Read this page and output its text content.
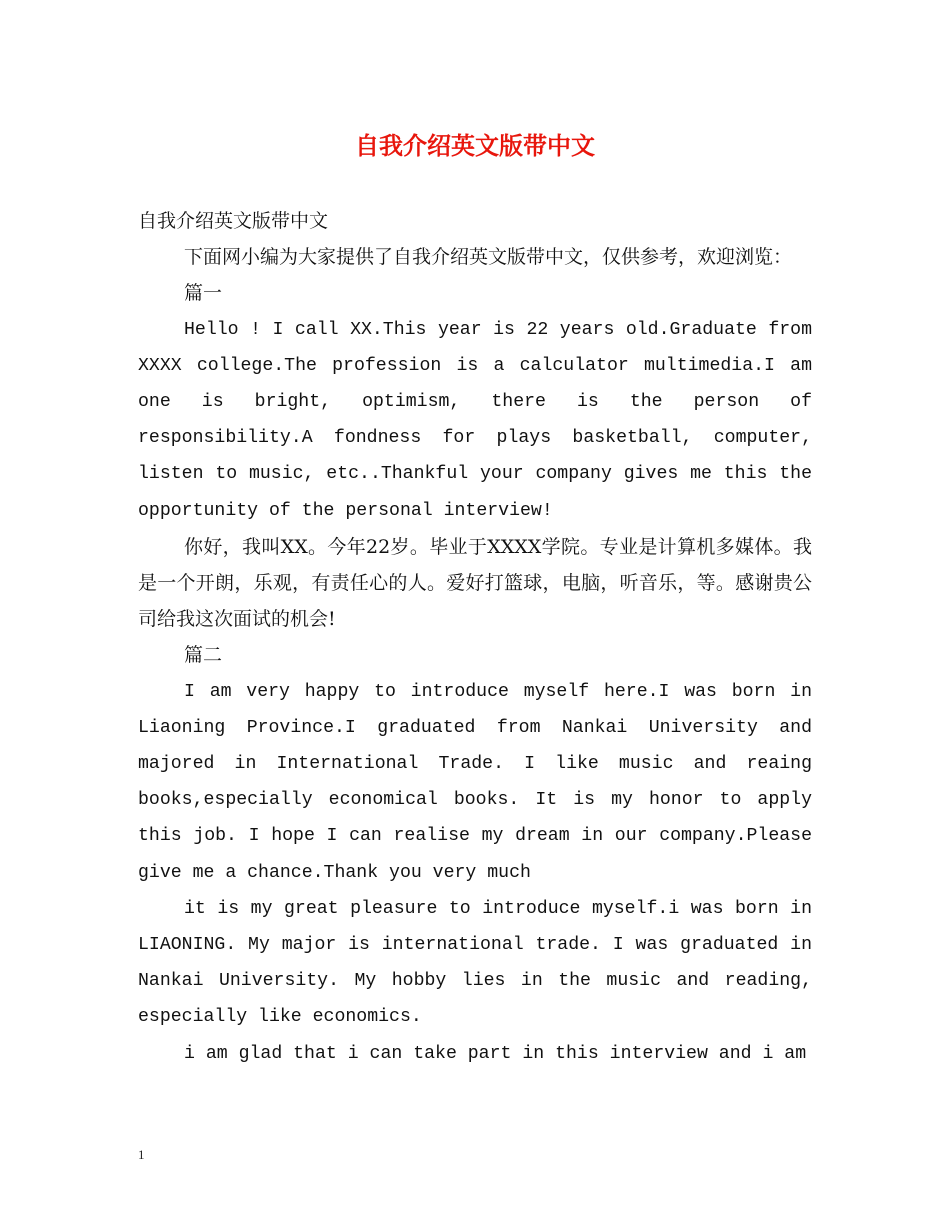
自我介绍英文版带中文

自我介绍英文版带中文

下面网小编为大家提供了自我介绍英文版带中文，仅供参考，欢迎浏览：

篇一

Hello ! I call XX.This year is 22 years old.Graduate from XXXX college.The profession is a calculator multimedia.I am one is bright, optimism, there is the person of responsibility.A fondness for plays basketball, computer, listen to music, etc..Thankful your company gives me this the opportunity of the personal interview!

你好，我叫XX。今年22岁。毕业于XXXX学院。专业是计算机多媒体。我是一个开朗，乐观，有责任心的人。爱好打篮球，电脑，听音乐，等。感谢贵公司给我这次面试的机会!

篇二

I am very happy to introduce myself here.I was born in Liaoning Province.I graduated from Nankai University and majored in International Trade. I like music and reaing books,especially economical books. It is my honor to apply this job. I hope I can realise my dream in our company.Please give me a chance.Thank you very much

it is my great pleasure to introduce myself.i was born in LIAONING. My major is international trade. I was graduated in Nankai University. My hobby lies in the music and reading, especially like economics.

i am glad that i can take part in this interview and i am

1
